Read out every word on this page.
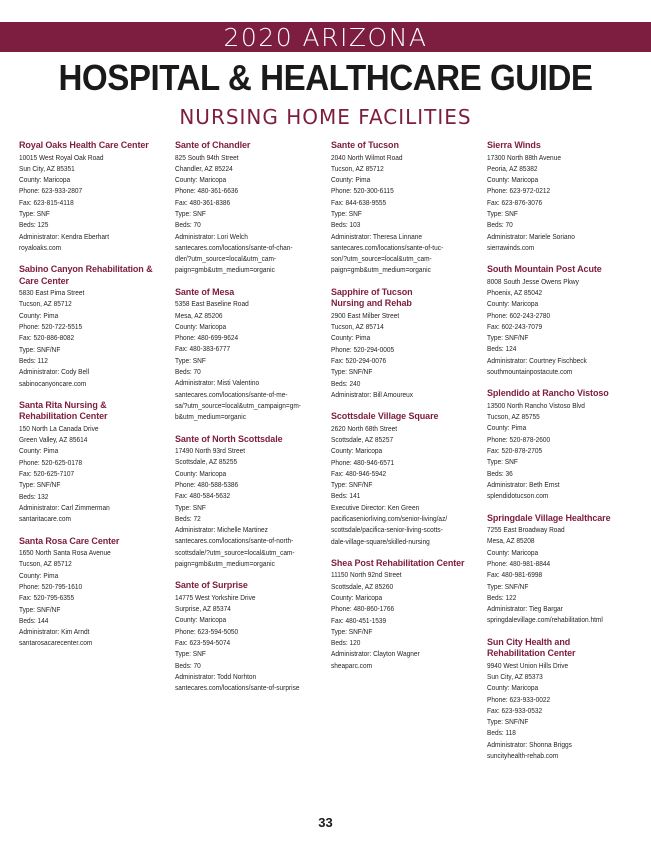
2020 ARIZONA
HOSPITAL & HEALTHCARE GUIDE
NURSING HOME FACILITIES
Royal Oaks Health Care Center
10015 West Royal Oak Road
Sun City, AZ 85351
County: Maricopa
Phone: 623-933-2807
Fax: 623-815-4118
Type: SNF
Beds: 125
Administrator: Kendra Eberhart
royaloaks.com
Sabino Canyon Rehabilitation &
Care Center
5830 East Pima Street
Tucson, AZ 85712
County: Pima
Phone: 520-722-5515
Fax: 520-886-8082
Type: SNF/NF
Beds: 112
Administrator: Cody Bell
sabinocanyoncare.com
Santa Rita Nursing &
Rehabilitation Center
150 North La Canada Drive
Green Valley, AZ 85614
County: Pima
Phone: 520-625-0178
Fax: 520-625-7107
Type: SNF/NF
Beds: 132
Administrator: Carl Zimmerman
santaritacare.com
Santa Rosa Care Center
1650 North Santa Rosa Avenue
Tucson, AZ 85712
County: Pima
Phone: 520-795-1610
Fax: 520-795-6355
Type: SNF/NF
Beds: 144
Administrator: Kim Arndt
santarosacarecenter.com
Sante of Chandler
825 South 94th Street
Chandler, AZ 85224
County: Maricopa
Phone: 480-361-6636
Fax: 480-361-8386
Type: SNF
Beds: 70
Administrator: Lori Welch
santecares.com/locations/sante-of-chan-
dler/?utm_source=local&utm_cam-
paign=gmb&utm_medium=organic
Sante of Mesa
5358 East Baseline Road
Mesa, AZ 85206
County: Maricopa
Phone: 480-699-9624
Fax: 480-383-6777
Type: SNF
Beds: 70
Administrator: Misti Valentino
santecares.com/locations/sante-of-me-
sa/?utm_source=local&utm_campaign=gm-
b&utm_medium=organic
Sante of North Scottsdale
17490 North 93rd Street
Scottsdale, AZ 85255
County: Maricopa
Phone: 480-588-5386
Fax: 480-584-5632
Type: SNF
Beds: 72
Administrator: Michelle Martinez
santecares.com/locations/sante-of-north-
scottsdale/?utm_source=local&utm_cam-
paign=gmb&utm_medium=organic
Sante of Surprise
14775 West Yorkshire Drive
Surprise, AZ 85374
County: Maricopa
Phone: 623-594-5050
Fax: 623-594-5074
Type: SNF
Beds: 70
Administrator: Todd Norhton
santecares.com/locations/sante-of-surprise
Sante of Tucson
2040 North Wilmot Road
Tucson, AZ 85712
County: Pima
Phone: 520-300-6115
Fax: 844-638-9555
Type: SNF
Beds: 103
Administrator: Theresa Linnane
santecares.com/locations/sante-of-tuc-
son/?utm_source=local&utm_cam-
paign=gmb&utm_medium=organic
Sapphire of Tucson
Nursing and Rehab
2900 East Milber Street
Tucson, AZ 85714
County: Pima
Phone: 520-294-0005
Fax: 520-294-0076
Type: SNF/NF
Beds: 240
Administrator: Bill Amoureux
Scottsdale Village Square
2620 North 68th Street
Scottsdale, AZ 85257
County: Maricopa
Phone: 480-946-6571
Fax: 480-946-5942
Type: SNF/NF
Beds: 141
Executive Director: Ken Green
pacificaseniorliving.com/senior-living/az/
scottsdale/pacifica-senior-living-scotts-
dale-village-square/skilled-nursing
Shea Post Rehabilitation Center
11150 North 92nd Street
Scottsdale, AZ 85260
County: Maricopa
Phone: 480-860-1766
Fax: 480-451-1539
Type: SNF/NF
Beds: 120
Administrator: Clayton Wagner
sheaparc.com
Sierra Winds
17300 North 88th Avenue
Peoria, AZ 85382
County: Maricopa
Phone: 623-972-0212
Fax: 623-876-3076
Type: SNF
Beds: 70
Administrator: Mariele Soriano
sierrawinds.com
South Mountain Post Acute
8008 South Jesse Owens Pkwy
Phoenix, AZ 85042
County: Maricopa
Phone: 602-243-2780
Fax: 602-243-7079
Type: SNF/NF
Beds: 124
Administrator: Courtney Fischbeck
southmountainpostacute.com
Splendido at Rancho Vistoso
13500 North Rancho Vistoso Blvd
Tucson, AZ 85755
County: Pima
Phone: 520-878-2600
Fax: 520-878-2705
Type: SNF
Beds: 36
Administrator: Beth Ernst
splendidotucson.com
Springdale Village Healthcare
7255 East Broadway Road
Mesa, AZ 85208
County: Maricopa
Phone: 480-981-8844
Fax: 480-981-6998
Type: SNF/NF
Beds: 122
Administrator: Tieg Bargar
springdalevillage.com/rehabilitation.html
Sun City Health and
Rehabilitation Center
9940 West Union Hills Drive
Sun City, AZ 85373
County: Maricopa
Phone: 623-933-0022
Fax: 623-933-0532
Type: SNF/NF
Beds: 118
Administrator: Shonna Briggs
suncityhealth-rehab.com
33
